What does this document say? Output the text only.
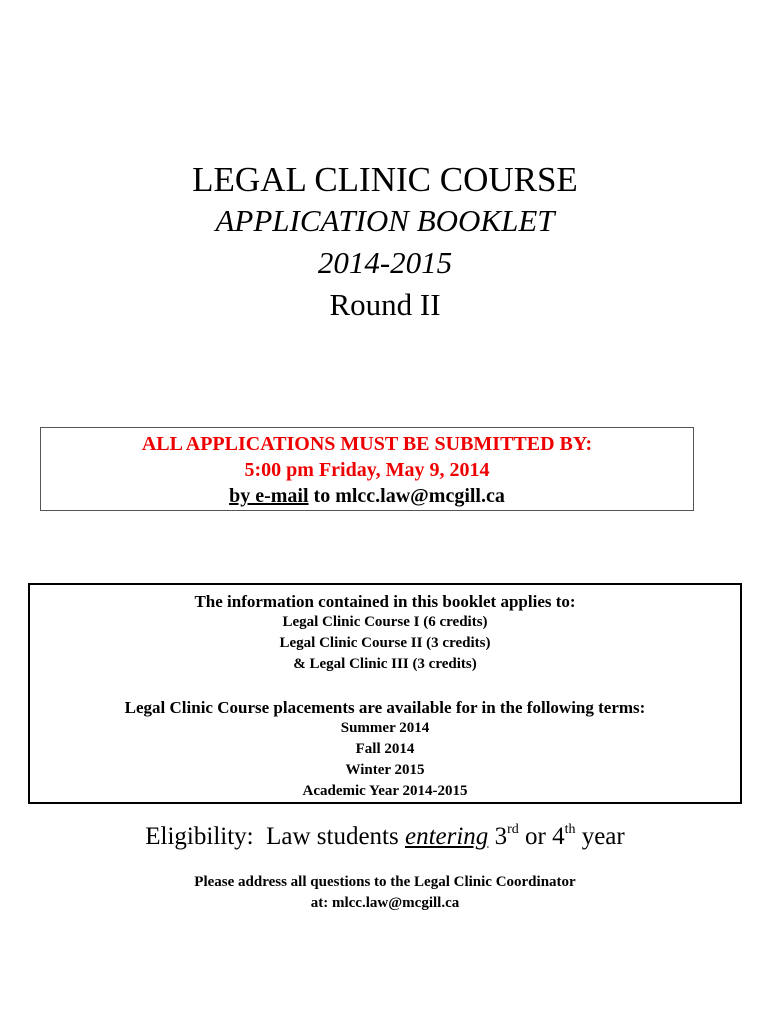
LEGAL CLINIC COURSE
APPLICATION BOOKLET
2014-2015
Round II
ALL APPLICATIONS MUST BE SUBMITTED BY:
5:00 pm Friday, May 9, 2014
by e-mail to mlcc.law@mcgill.ca
The information contained in this booklet applies to:
Legal Clinic Course I (6 credits)
Legal Clinic Course II (3 credits)
& Legal Clinic III (3 credits)
Legal Clinic Course placements are available for in the following terms:
Summer 2014
Fall 2014
Winter 2015
Academic Year 2014-2015
Eligibility: Law students entering 3rd or 4th year
Please address all questions to the Legal Clinic Coordinator
at: mlcc.law@mcgill.ca
